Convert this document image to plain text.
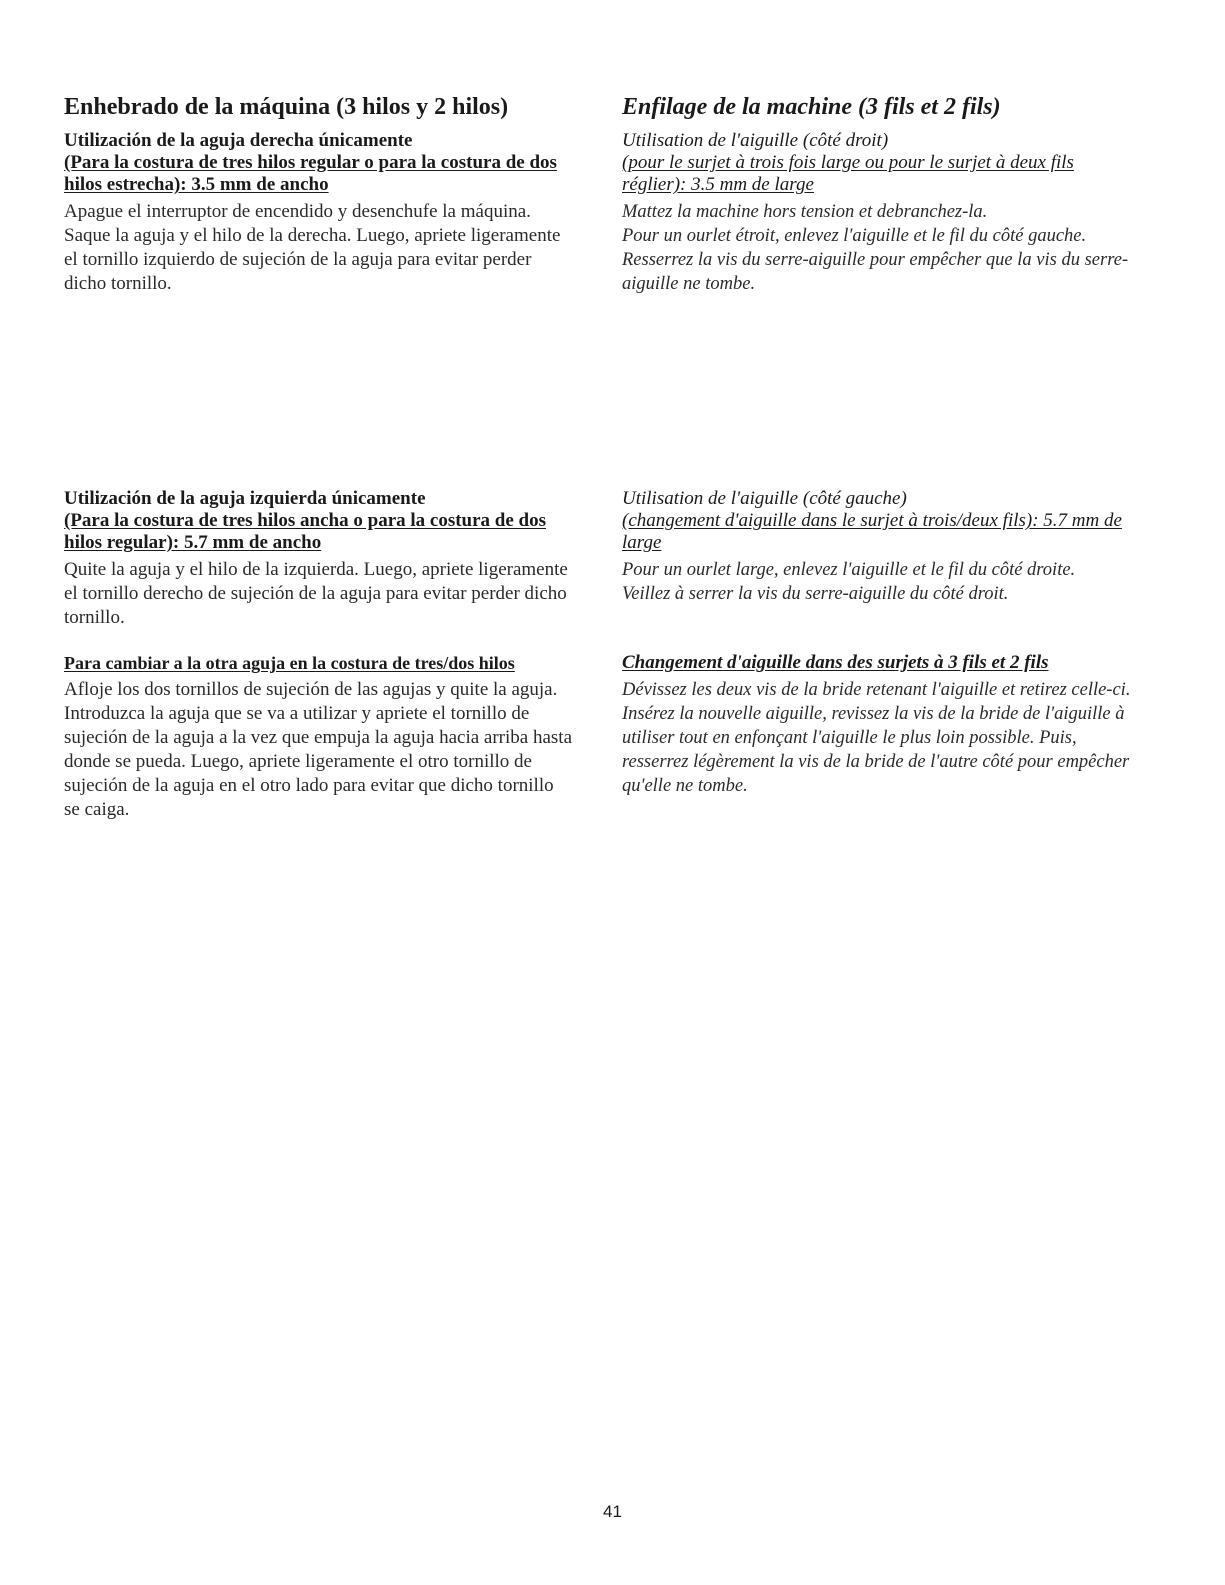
Enhebrado de la máquina (3 hilos y 2 hilos)
Utilización de la aguja derecha únicamente
(Para la costura de tres hilos regular o para la costura de dos hilos estrecha): 3.5 mm de ancho

Apague el interruptor de encendido y desenchufe la máquina. Saque la aguja y el hilo de la derecha. Luego, apriete ligeramente el tornillo izquierdo de sujeción de la aguja para evitar perder dicho tornillo.

Utilización de la aguja izquierda únicamente
(Para la costura de tres hilos ancha o para la costura de dos hilos regular): 5.7 mm de ancho

Quite la aguja y el hilo de la izquierda. Luego, apriete ligeramente el tornillo derecho de sujeción de la aguja para evitar perder dicho tornillo.

Para cambiar a la otra aguja en la costura de tres/dos hilos

Afloje los dos tornillos de sujeción de las agujas y quite la aguja. Introduzca la aguja que se va a utilizar y apriete el tornillo de sujeción de la aguja a la vez que empuja la aguja hacia arriba hasta donde se pueda. Luego, apriete ligeramente el otro tornillo de sujeción de la aguja en el otro lado para evitar que dicho tornillo se caiga.

Enfilage de la machine (3 fils et 2 fils)
Utilisation de l'aiguille (côté droit)
(pour le surjet à trois fois large ou pour le surjet à deux fils réglier): 3.5 mm de large

Mattez la machine hors tension et debranchez-la.

Pour un ourlet étroit, enlevez l'aiguille et le fil du côté gauche.

Resserrez la vis du serre-aiguille pour empêcher que la vis du serre-aiguille ne tombe.

Utilisation de l'aiguille (côté gauche)
(changement d'aiguille dans le surjet à trois/deux fils): 5.7 mm de large

Pour un ourlet large, enlevez l'aiguille et le fil du côté droite.

Veillez à serrer la vis du serre-aiguille du côté droit.

Changement d'aiguille dans des surjets à 3 fils et 2 fils

Dévissez les deux vis de la bride retenant l'aiguille et retirez celle-ci. Insérez la nouvelle aiguille, revissez la vis de la bride de l'aiguille à utiliser tout en enfonçant l'aiguille le plus loin possible. Puis, resserrez légèrement la vis de la bride de l'autre côté pour empêcher qu'elle ne tombe.

41
